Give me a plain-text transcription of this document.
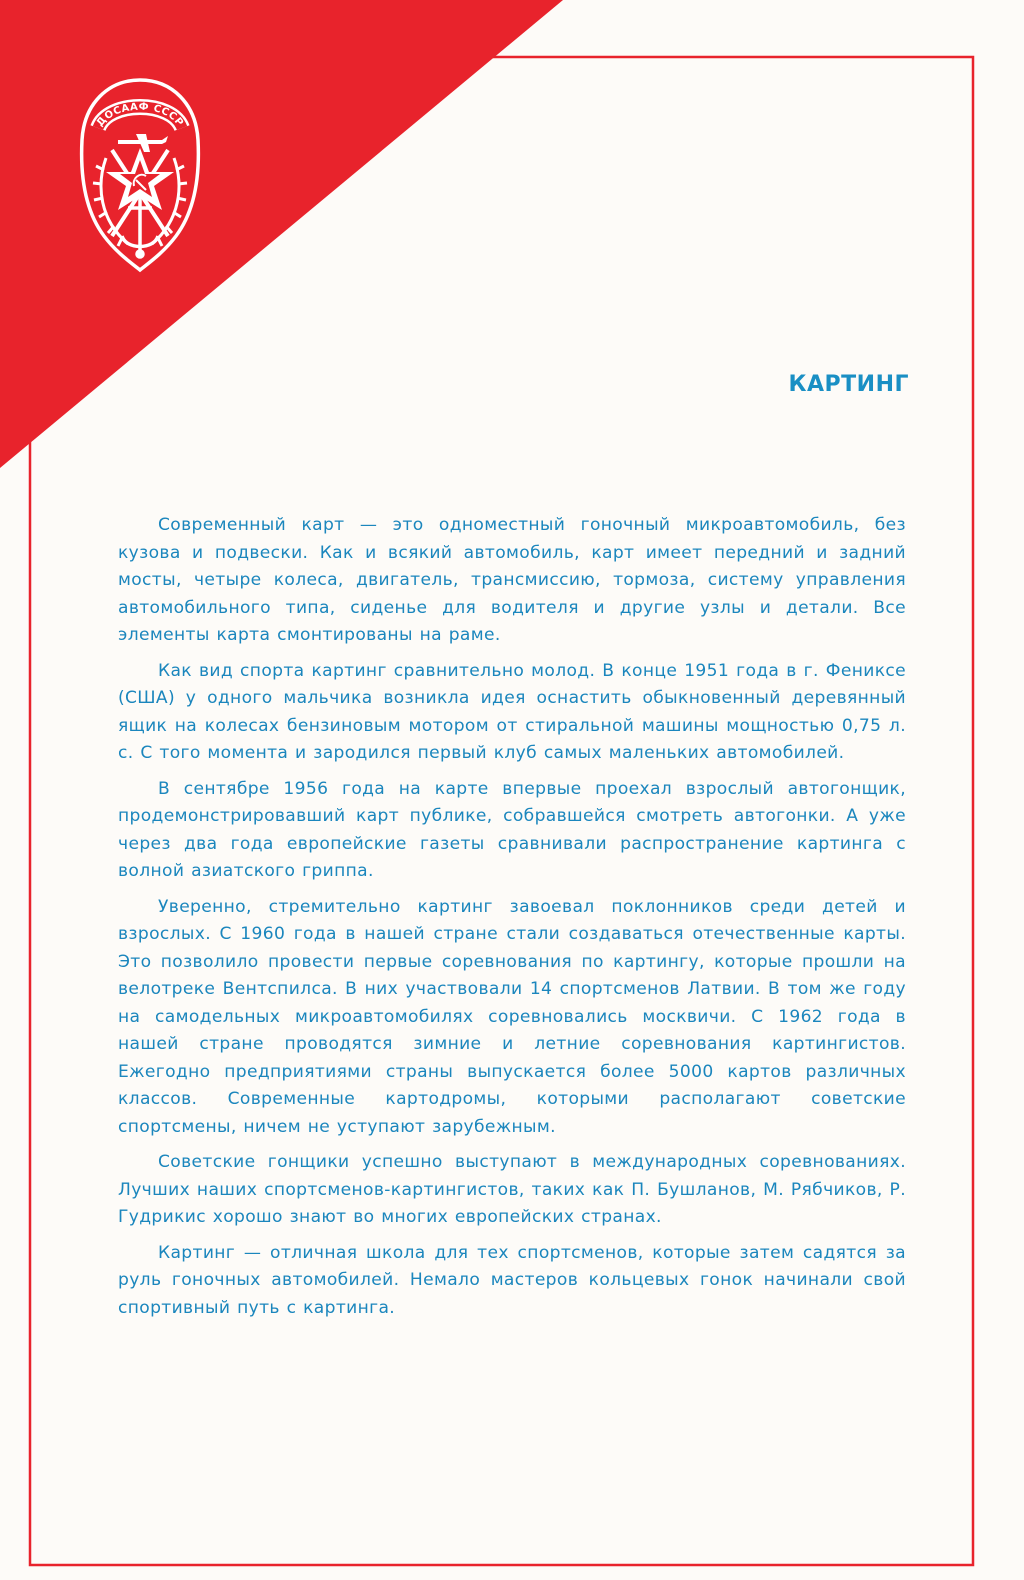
ДОСААФ СССР
КАРТИНГ

Современный карт — это одноместный гоночный микроавтомобиль, без кузова и подвески. Как и всякий автомобиль, карт имеет передний и задний мосты, четыре колеса, двигатель, трансмиссию, тормоза, систему управления автомобильного типа, сиденье для водителя и другие узлы и детали. Все элементы карта смонтированы на раме.

Как вид спорта картинг сравнительно молод. В конце 1951 года в г. Фениксе (США) у одного мальчика возникла идея оснастить обыкновенный деревянный ящик на колесах бензиновым мотором от стиральной машины мощностью 0,75 л. с. С того момента и зародился первый клуб самых маленьких автомобилей.

В сентябре 1956 года на карте впервые проехал взрослый автогонщик, продемонстрировавший карт публике, собравшейся смотреть автогонки. А уже через два года европейские газеты сравнивали распространение картинга с волной азиатского гриппа.

Уверенно, стремительно картинг завоевал поклонников среди детей и взрослых. С 1960 года в нашей стране стали создаваться отечественные карты. Это позволило провести первые соревнования по картингу, которые прошли на велотреке Вентспилса. В них участвовали 14 спортсменов Латвии. В том же году на самодельных микроавтомобилях соревновались москвичи. С 1962 года в нашей стране проводятся зимние и летние соревнования картингистов. Ежегодно предприятиями страны выпускается более 5000 картов различных классов. Современные картодромы, которыми располагают советские спортсмены, ничем не уступают зарубежным.

Советские гонщики успешно выступают в международных соревнованиях. Лучших наших спортсменов-картингистов, таких как П. Бушланов, М. Рябчиков, Р. Гудрикис хорошо знают во многих европейских странах.

Картинг — отличная школа для тех спортсменов, которые затем садятся за руль гоночных автомобилей. Немало мастеров кольцевых гонок начинали свой спортивный путь с картинга.
